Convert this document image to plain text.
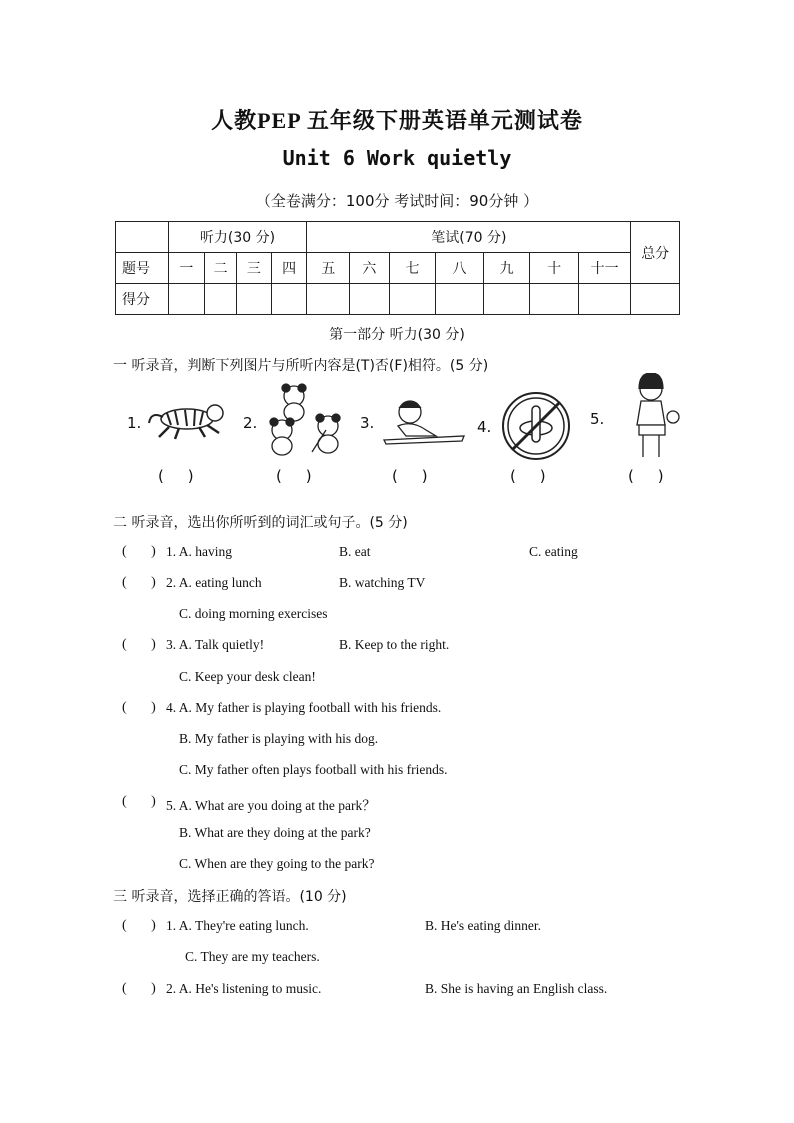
人教PEP 五年级下册英语单元测试卷
Unit 6 Work quietly
（全卷满分：100分 考试时间：90分钟 ）
	听力(30 分)				笔试(70 分)							总分
题号	一	二	三	四	五	六	七	八	九	十	十一	
得分												
第一部分 听力(30 分)
一 听录音，判断下列图片与所听内容是(T)否(F)相符。(5 分)
1.	2.	3.	4.	5.
(     )	(     )	(     )	(     )	(     )
二 听录音，选出你所听到的词汇或句子。(5 分)
(       ) 1. A. having	B. eat	C. eating
(       ) 2. A. eating lunch	B. watching TV
C. doing morning exercises
(       ) 3. A. Talk quietly!	B. Keep to the right.
C. Keep your desk clean!
(       ) 4. A. My father is playing football with his friends.
B. My father is playing with his dog.
C. My father often plays football with his friends.
(       ) 5. A. What are you doing at the park？
B. What are they doing at the park?
C. When are they going to the park?
三 听录音，选择正确的答语。(10 分)
(       ) 1. A. They're eating lunch.	B. He's eating dinner.
C. They are my teachers.
(       ) 2. A. He's listening to music.	B. She is having an English class.
